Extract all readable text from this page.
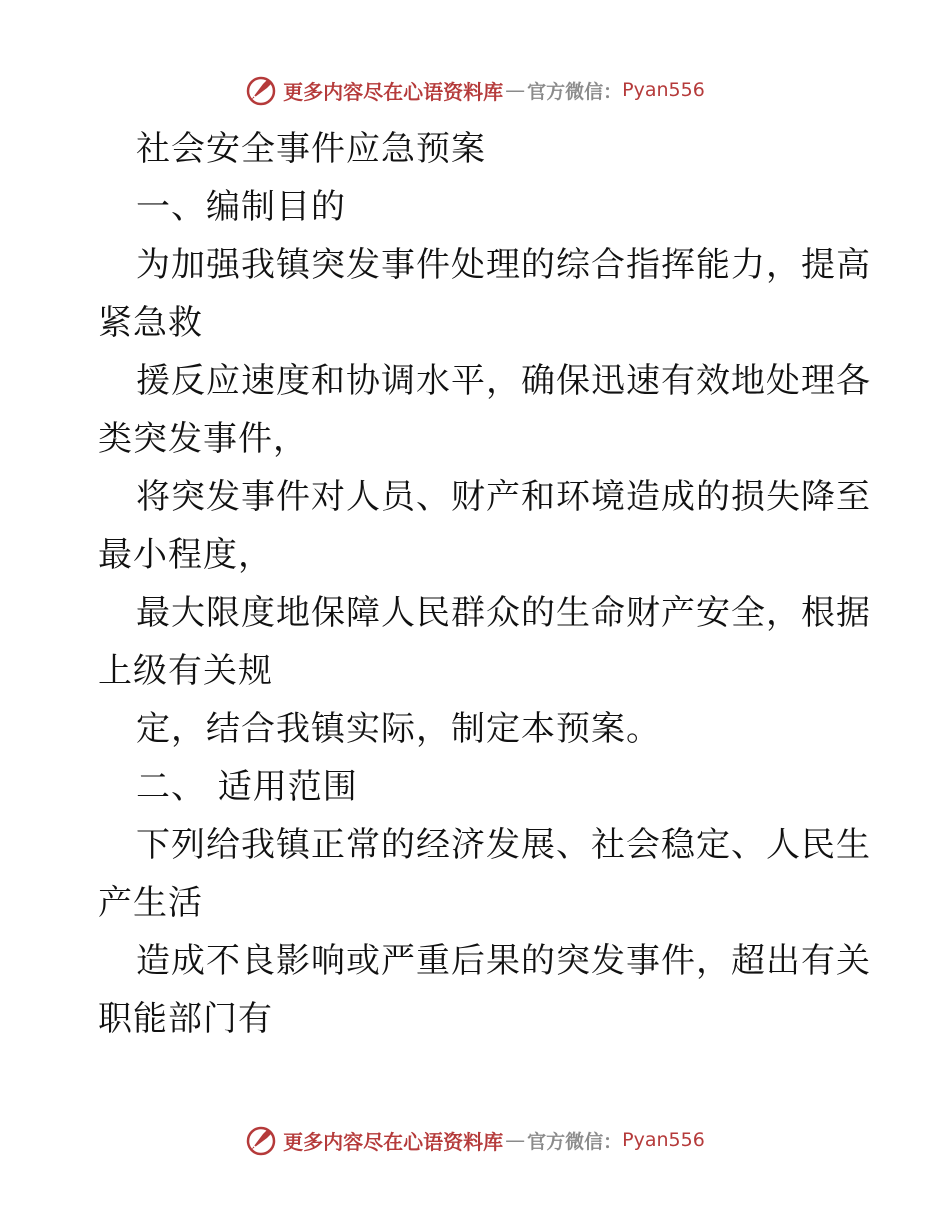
更多内容尽在心语资料库 — 官方微信： Pyan556
社会安全事件应急预案
一、编制目的
为加强我镇突发事件处理的综合指挥能力，提高
紧急救
援反应速度和协调水平，确保迅速有效地处理各
类突发事件，
将突发事件对人员、财产和环境造成的损失降至
最小程度，
最大限度地保障人民群众的生命财产安全，根据
上级有关规
定，结合我镇实际，制定本预案。
二、 适用范围
下列给我镇正常的经济发展、社会稳定、人民生
产生活
造成不良影响或严重后果的突发事件，超出有关
职能部门有
更多内容尽在心语资料库 — 官方微信： Pyan556
